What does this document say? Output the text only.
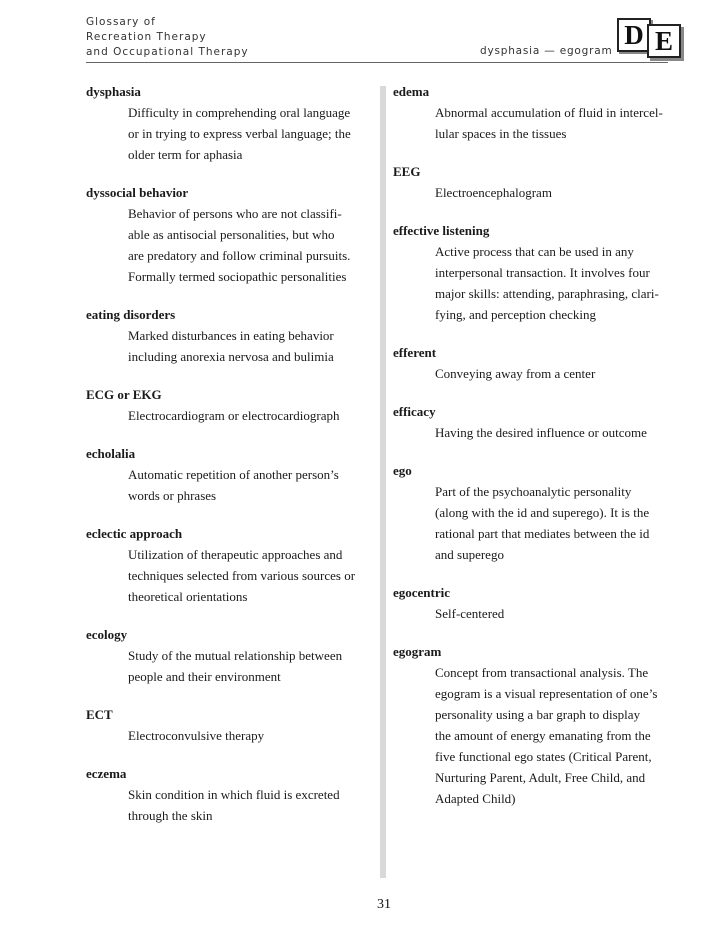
Glossary of
Recreation Therapy
and Occupational Therapy	dysphasia — egogram
D E
dysphasia
Difficulty in comprehending oral language
or in trying to express verbal language; the
older term for aphasia
dyssocial behavior
Behavior of persons who are not classifi-
able as antisocial personalities, but who
are predatory and follow criminal pursuits.
Formally termed sociopathic personalities
eating disorders
Marked disturbances in eating behavior
including anorexia nervosa and bulimia
ECG or EKG
Electrocardiogram or electrocardiograph
echolalia
Automatic repetition of another person’s
words or phrases
eclectic approach
Utilization of therapeutic approaches and
techniques selected from various sources or
theoretical orientations
ecology
Study of the mutual relationship between
people and their environment
ECT
Electroconvulsive therapy
eczema
Skin condition in which fluid is excreted
through the skin
edema
Abnormal accumulation of fluid in intercel-
lular spaces in the tissues
EEG
Electroencephalogram
effective listening
Active process that can be used in any
interpersonal transaction. It involves four
major skills: attending, paraphrasing, clari-
fying, and perception checking
efferent
Conveying away from a center
efficacy
Having the desired influence or outcome
ego
Part of the psychoanalytic personality
(along with the id and superego). It is the
rational part that mediates between the id
and superego
egocentric
Self-centered
egogram
Concept from transactional analysis. The
egogram is a visual representation of one’s
personality using a bar graph to display
the amount of energy emanating from the
five functional ego states (Critical Parent,
Nurturing Parent, Adult, Free Child, and
Adapted Child)
31
